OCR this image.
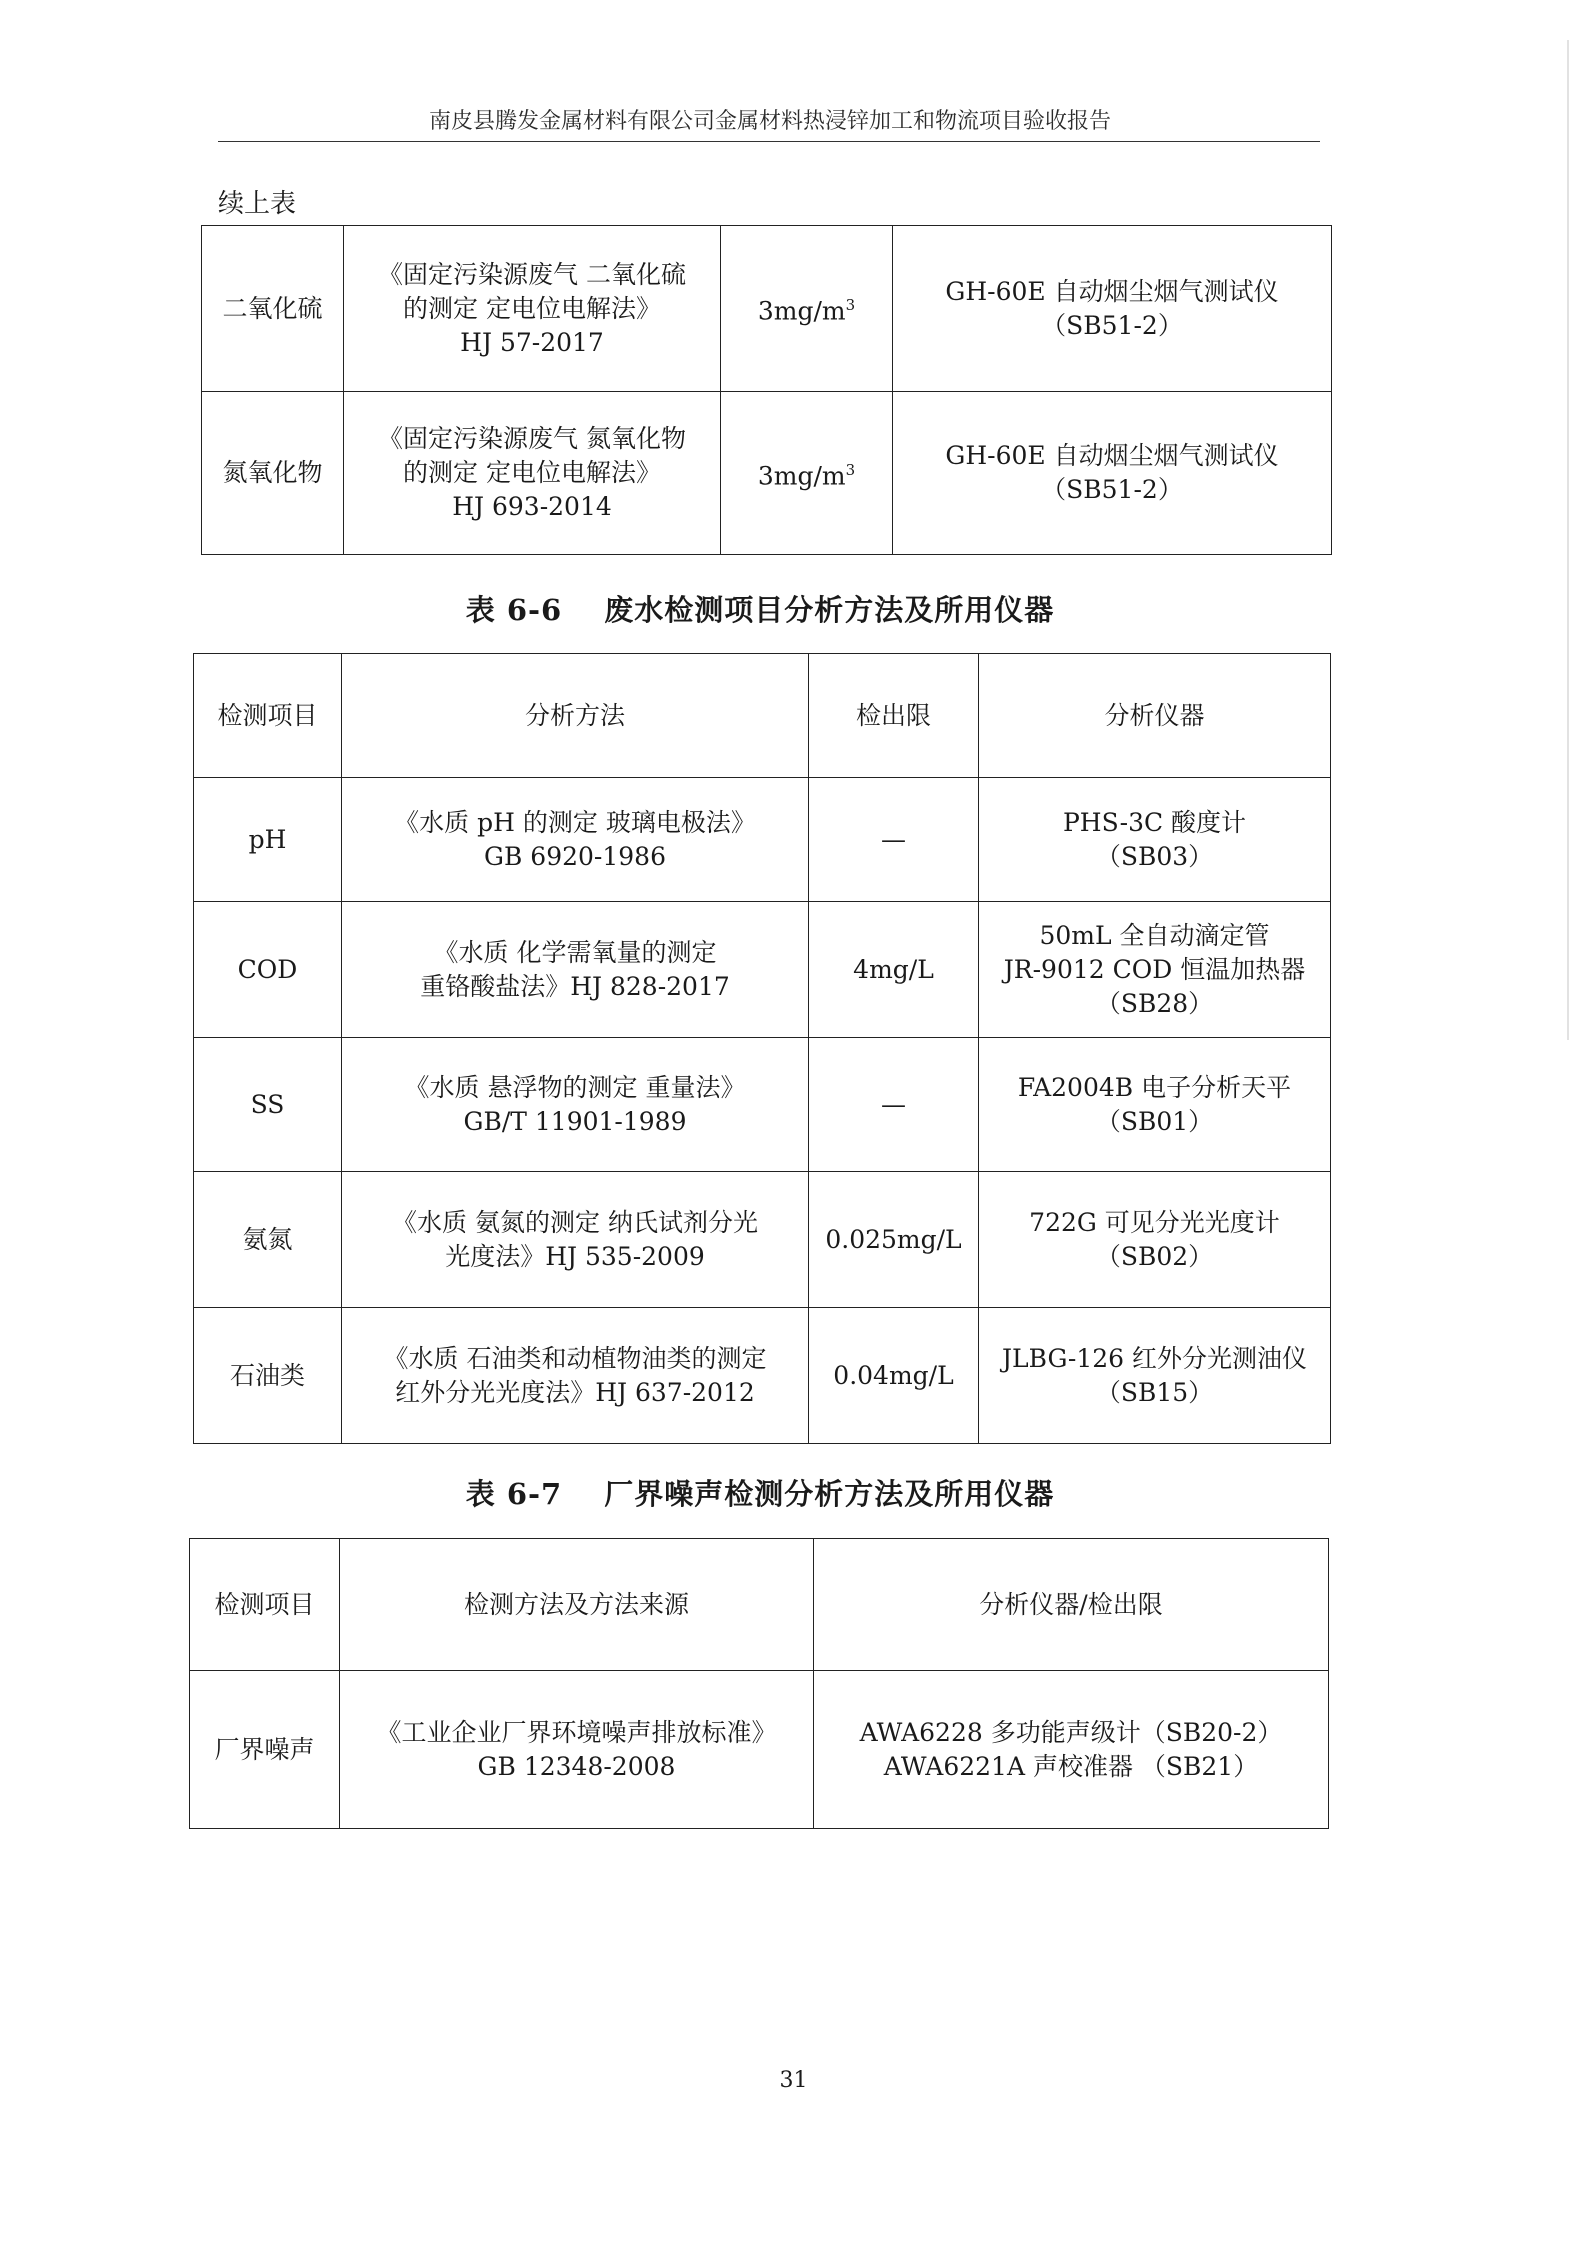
南皮县腾发金属材料有限公司金属材料热浸锌加工和物流项目验收报告
续上表
二氧化硫	《固定污染源废气 二氧化硫
的测定 定电位电解法》
HJ 57-2017	$3mg/m^3$	GH-60E 自动烟尘烟气测试仪
（SB51-2）

氮氧化物	《固定污染源废气 氮氧化物
的测定 定电位电解法》
HJ 693-2014	$3mg/m^3$	GH-60E 自动烟尘烟气测试仪
（SB51-2）
表 6-6 废水检测项目分析方法及所用仪器
检测项目	分析方法	检出限	分析仪器
pH	《水质 pH 的测定 玻璃电极法》
GB 6920-1986	—	PHS-3C 酸度计
（SB03）

COD	《水质 化学需氧量的测定
重铬酸盐法》HJ 828-2017	4mg/L	50mL 全自动滴定管
JR-9012 COD 恒温加热器
（SB28）

SS	《水质 悬浮物的测定 重量法》
GB/T 11901-1989	—	FA2004B 电子分析天平
（SB01）

氨氮	《水质 氨氮的测定 纳氏试剂分光
光度法》HJ 535-2009	0.025mg/L	722G 可见分光光度计
（SB02）

石油类	《水质 石油类和动植物油类的测定
红外分光光度法》HJ 637-2012	0.04mg/L	JLBG-126 红外分光测油仪
（SB15）
表 6-7 厂界噪声检测分析方法及所用仪器
检测项目	检测方法及方法来源	分析仪器/检出限
厂界噪声	《工业企业厂界环境噪声排放标准》
GB 12348-2008	AWA6228 多功能声级计（SB20-2）
AWA6221A 声校准器 （SB21）
31
